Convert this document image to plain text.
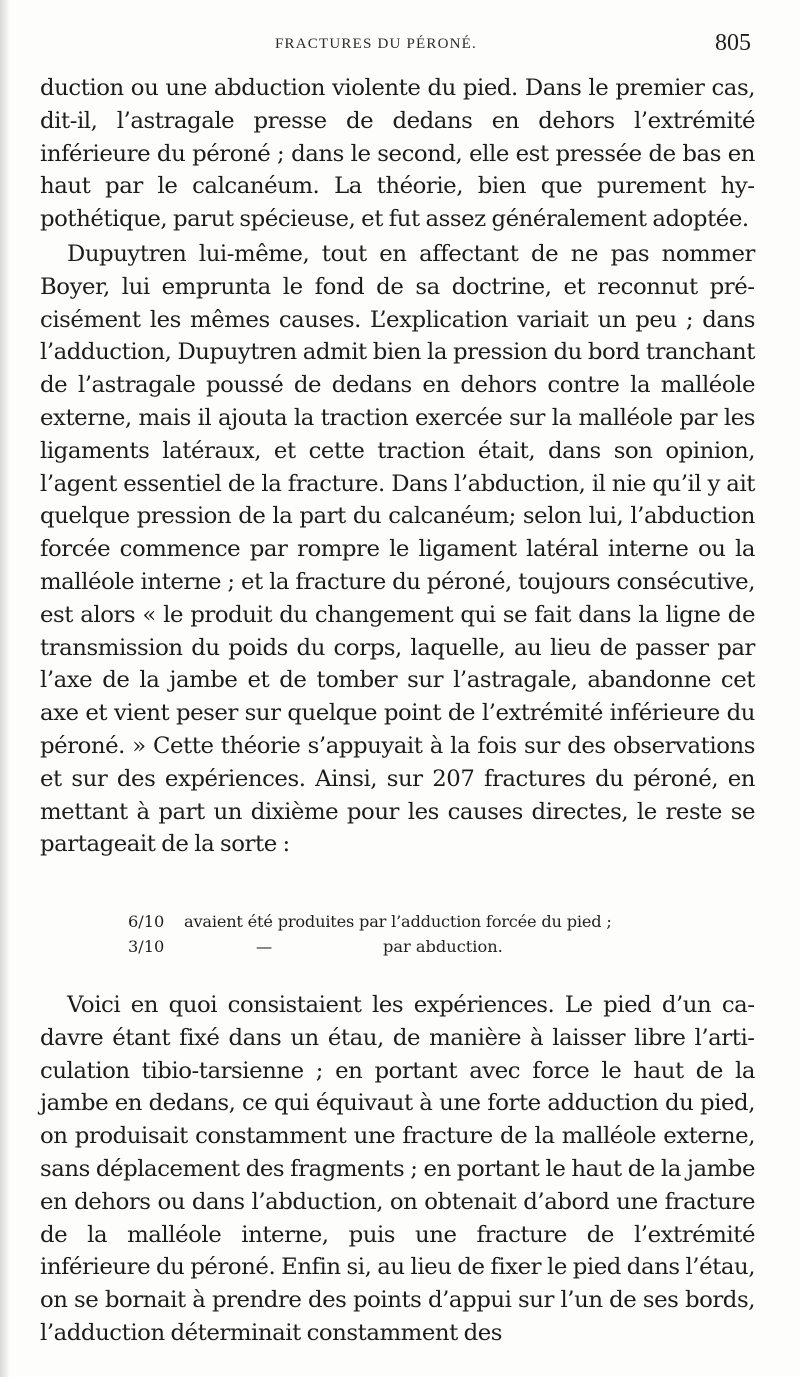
FRACTURES DU PÉRONÉ.	805

duction ou une abduction violente du pied. Dans le premier cas, dit-il, l’astragale presse de dedans en dehors l’extrémité inférieure du péroné ; dans le second, elle est pressée de bas en haut par le calcanéum. La théorie, bien que purement hypothétique, parut spécieuse, et fut assez généralement adoptée.

Dupuytren lui-même, tout en affectant de ne pas nommer Boyer, lui emprunta le fond de sa doctrine, et reconnut précisément les mêmes causes. L’explication variait un peu ; dans l’adduction, Dupuytren admit bien la pression du bord tranchant de l’astragale poussé de dedans en dehors contre la malléole externe, mais il ajouta la traction exercée sur la malléole par les ligaments latéraux, et cette traction était, dans son opinion, l’agent essentiel de la fracture. Dans l’abduction, il nie qu’il y ait quelque pression de la part du calcanéum; selon lui, l’abduction forcée commence par rompre le ligament latéral interne ou la malléole interne ; et la fracture du péroné, toujours consécutive, est alors « le produit du changement qui se fait dans la ligne de transmission du poids du corps, laquelle, au lieu de passer par l’axe de la jambe et de tomber sur l’astragale, abandonne cet axe et vient peser sur quelque point de l’extrémité inférieure du péroné. » Cette théorie s’appuyait à la fois sur des observations et sur des expériences. Ainsi, sur 207 fractures du péroné, en mettant à part un dixième pour les causes directes, le reste se partageait de la sorte :

6/10 avaient été produites par l’adduction forcée du pied ;
3/10	—	par abduction.

Voici en quoi consistaient les expériences. Le pied d’un cadavre étant fixé dans un étau, de manière à laisser libre l’articulation tibio-tarsienne ; en portant avec force le haut de la jambe en dedans, ce qui équivaut à une forte adduction du pied, on produisait constamment une fracture de la malléole externe, sans déplacement des fragments ; en portant le haut de la jambe en dehors ou dans l’abduction, on obtenait d’abord une fracture de la malléole interne, puis une fracture de l’extrémité inférieure du péroné. Enfin si, au lieu de fixer le pied dans l’étau, on se bornait à prendre des points d’appui sur l’un de ses bords, l’adduction déterminait constamment des
